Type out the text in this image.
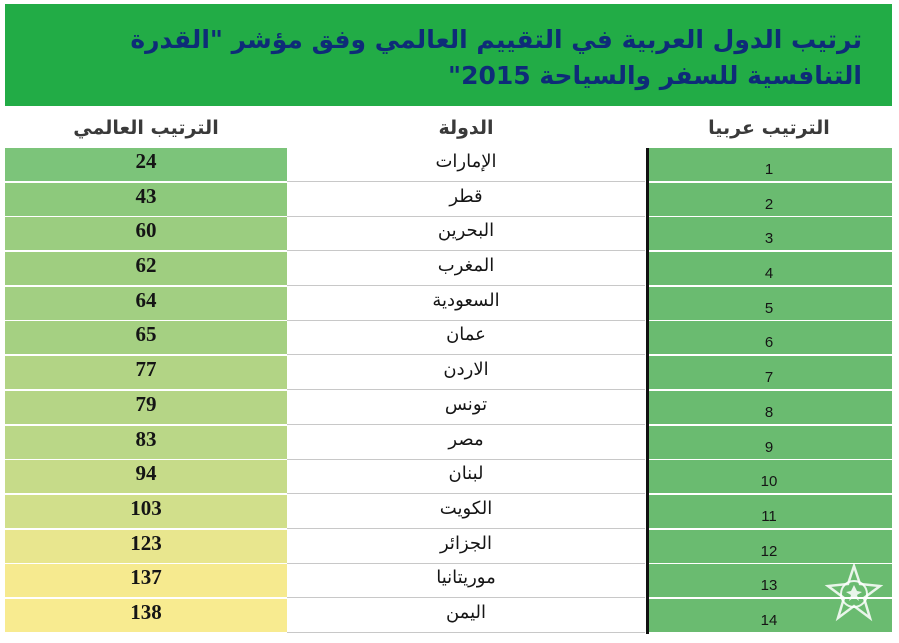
ترتيب الدول العربية في التقييم العالمي وفق مؤشر "القدرة التنافسية للسفر والسياحة 2015"
الترتيب العالمي	الدولة	الترتيب عربيا
24	الإمارات	1
43	قطر	2
60	البحرين	3
62	المغرب	4
64	السعودية	5
65	عمان	6
77	الاردن	7
79	تونس	8
83	مصر	9
94	لبنان	10
103	الكويت	11
123	الجزائر	12
137	موريتانيا	13
138	اليمن	14
